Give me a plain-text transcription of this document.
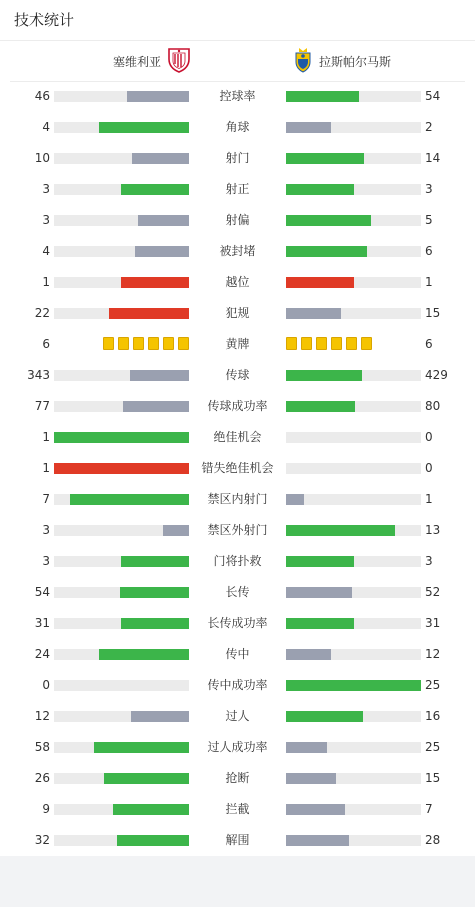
技术统计
塞维利亚	拉斯帕尔马斯
46	控球率	54
4	角球	2
10	射门	14
3	射正	3
3	射偏	5
4	被封堵	6
1	越位	1
22	犯规	15
6	黄牌	6
343	传球	429
77	传球成功率	80
1	绝佳机会	0
1	错失绝佳机会	0
7	禁区内射门	1
3	禁区外射门	13
3	门将扑救	3
54	长传	52
31	长传成功率	31
24	传中	12
0	传中成功率	25
12	过人	16
58	过人成功率	25
26	抢断	15
9	拦截	7
32	解围	28
